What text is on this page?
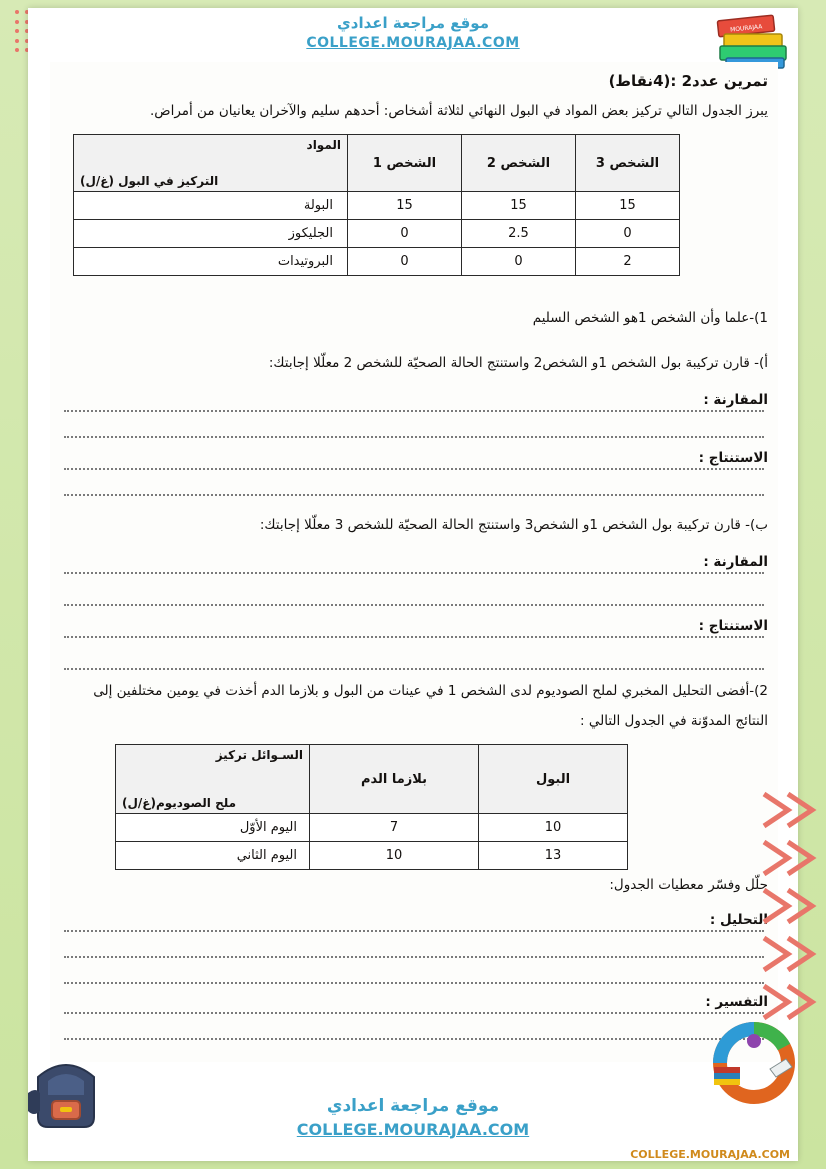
موقع مراجعة اعدادي
COLLEGE.MOURAJAA.COM
MOURAJAA
تمرين عدد2 :(4نقاط)
يبرز الجدول التالي تركيز بعض المواد في البول النهائي لثلاثة أشخاص: أحدهم سليم والآخران يعانيان من أمراض.
الشخص 3	الشخص 2	الشخص 1	المواد
التركيز في البول (غ/ل)

15	15	15	البولة
0	2.5	0	الجليكوز
2	0	0	البروتيدات
1)-علما وأن الشخص 1هو الشخص السليم
أ)- قارن تركيبة بول الشخص 1و الشخص2 واستنتج الحالة الصحيّة للشخص 2 معلّلا إجابتك:
المقارنة :
الاستنتاج :
ب)- قارن تركيبة بول الشخص 1و الشخص3 واستنتج الحالة الصحيّة للشخص 3 معلّلا إجابتك:
المقارنة :
الاستنتاج :
2)-أفضى التحليل المخبري لملح الصوديوم لدى الشخص 1 في عينات من البول و بلازما الدم أخذت في يومين مختلفين إلى
النتائج المدوّنة في الجدول التالي :
البول	بلازما الدم	السـوائل تركيز
ملح الصوديوم(غ/ل)

10	7	اليوم الأوّل
13	10	اليوم الثاني
حلّل وفسّر معطيات الجدول:
التحليل :
التفسير :
موقع مراجعة اعدادي
COLLEGE.MOURAJAA.COM
COLLEGE.MOURAJAA.COM
